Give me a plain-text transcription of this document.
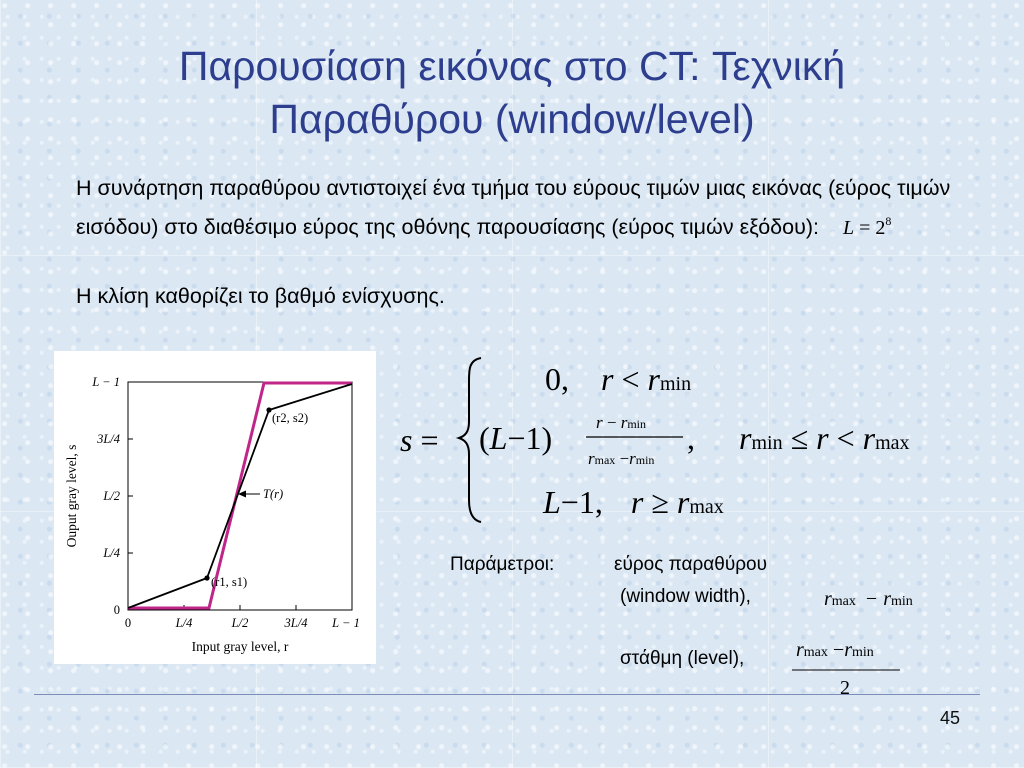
Παρουσίαση εικόνας στο CT: Τεχνική
Παραθύρου (window/level)
Η συνάρτηση παραθύρου αντιστοιχεί ένα τμήμα του εύρους τιμών μιας εικόνας (εύρος τιμών εισόδου) στο διαθέσιμο εύρος της οθόνης παρουσίασης (εύρος τιμών εξόδου): $L = 2^8$
Η κλίση καθορίζει το βαθμό ενίσχυσης.
(r1, s1)
(r2, s2)
T(r)
0
L/4
L/2
3L/4
L − 1
0	L/4	L/2	3L/4 L − 1
Input gray level, r
Ouput gray level, s
s =
0, r < rmin
(L−1)	r − rmin
rmax −rmin
, rmin ≤ r < rmax
L−1, r ≥ rmax
Παράμετροι:	εύρος παραθύρου
(window width),	rmax − rmin
στάθμη (level),	rmax −rmin
2
45
